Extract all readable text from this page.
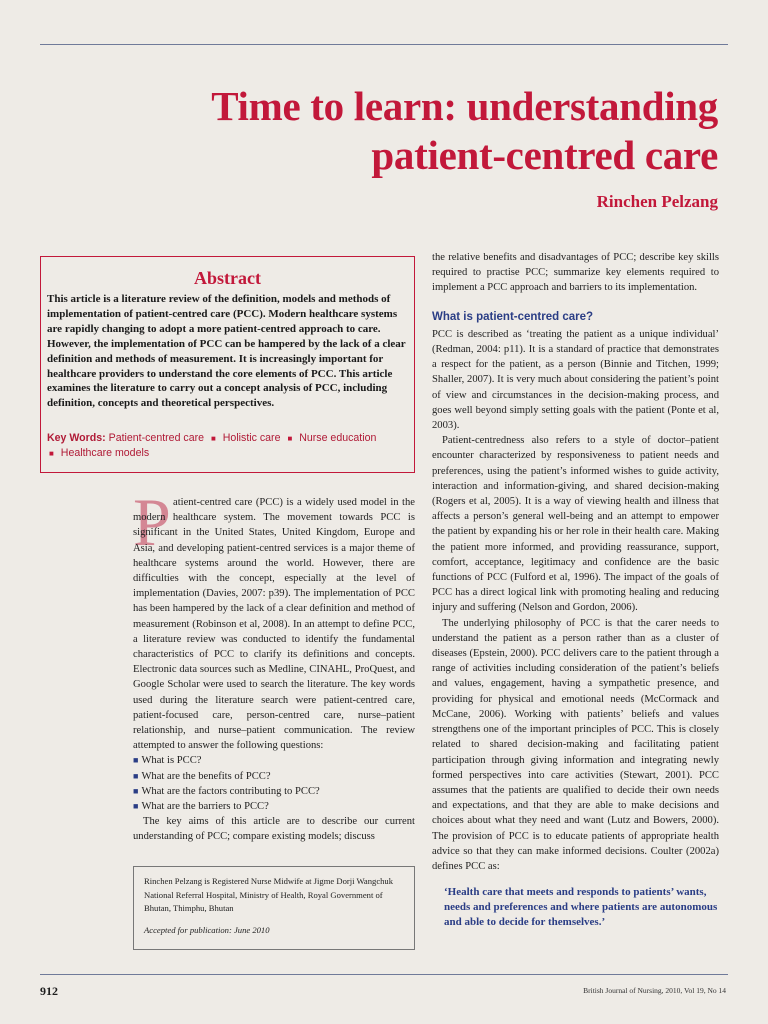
Time to learn: understanding patient-centred care
Rinchen Pelzang
Abstract

This article is a literature review of the definition, models and methods of implementation of patient-centred care (PCC). Modern healthcare systems are rapidly changing to adopt a more patient-centred approach to care. However, the implementation of PCC can be hampered by the lack of a clear definition and methods of measurement. It is increasingly important for healthcare providers to understand the core elements of PCC. This article examines the literature to carry out a concept analysis of PCC, including definition, concepts and theoretical perspectives.

Key Words: Patient-centred care ■ Holistic care ■ Nurse education
■ Healthcare models
P atient-centred care (PCC) is a widely used model in the modern healthcare system. The movement towards PCC is significant in the United States, United Kingdom, Europe and Asia, and developing patient-centred services is a major theme of healthcare systems around the world. However, there are difficulties with the concept, especially at the level of implementation (Davies, 2007: p39). The implementation of PCC has been hampered by the lack of a clear definition and method of measurement (Robinson et al, 2008). In an attempt to define PCC, a literature review was conducted to identify the fundamental characteristics of PCC to clarify its definitions and concepts. Electronic data sources such as Medline, CINAHL, ProQuest, and Google Scholar were used to search the literature. The key words used during the literature search were patient-centred care, patient-focused care, person-centred care, nurse–patient relationship, and nurse–patient communication. The review attempted to answer the following questions:

■ What is PCC?
■ What are the benefits of PCC?
■ What are the factors contributing to PCC?
■ What are the barriers to PCC?

The key aims of this article are to describe our current understanding of PCC; compare existing models; discuss

Rinchen Pelzang is Registered Nurse Midwife at Jigme Dorji Wangchuk National Referral Hospital, Ministry of Health, Royal Government of Bhutan, Thimphu, Bhutan
Accepted for publication: June 2010

the relative benefits and disadvantages of PCC; describe key skills required to practise PCC; summarize key elements required to implement a PCC approach and barriers to its implementation.

What is patient-centred care?

PCC is described as ‘treating the patient as a unique individual’ (Redman, 2004: p11). It is a standard of practice that demonstrates a respect for the patient, as a person (Binnie and Titchen, 1999; Shaller, 2007). It is very much about considering the patient’s point of view and circumstances in the decision-making process, and goes well beyond simply setting goals with the patient (Ponte et al, 2003).

Patient-centredness also refers to a style of doctor–patient encounter characterized by responsiveness to patient needs and preferences, using the patient’s informed wishes to guide activity, interaction and information-giving, and shared decision-making (Rogers et al, 2005). It is a way of viewing health and illness that affects a person’s general well-being and an attempt to empower the patient by expanding his or her role in their health care. Making the patient more informed, and providing reassurance, support, comfort, acceptance, legitimacy and confidence are the basic functions of PCC (Fulford et al, 1996). The impact of the goals of PCC has a direct logical link with promoting healing and reducing injury and suffering (Nelson and Gordon, 2006).

The underlying philosophy of PCC is that the carer needs to understand the patient as a person rather than as a cluster of diseases (Epstein, 2000). PCC delivers care to the patient through a range of activities including consideration of the patient’s beliefs and values, engagement, having a sympathetic presence, and providing for physical and emotional needs (McCormack and McCane, 2006). Working with patients’ beliefs and values strengthens one of the important principles of PCC. This is closely related to shared decision-making and facilitating patient participation through giving information and integrating newly formed perspectives into care activities (Stewart, 2001). PCC assumes that the patients are qualified to decide their own needs and expectations, and that they are able to make decisions and choices about what they need and want (Lutz and Bowers, 2000). The provision of PCC is to educate patients of appropriate health advice so that they can make informed decisions. Coulter (2002a) defines PCC as:

‘Health care that meets and responds to patients’ wants, needs and preferences and where patients are autonomous and able to decide for themselves.’
912	British Journal of Nursing, 2010, Vol 19, No 14
